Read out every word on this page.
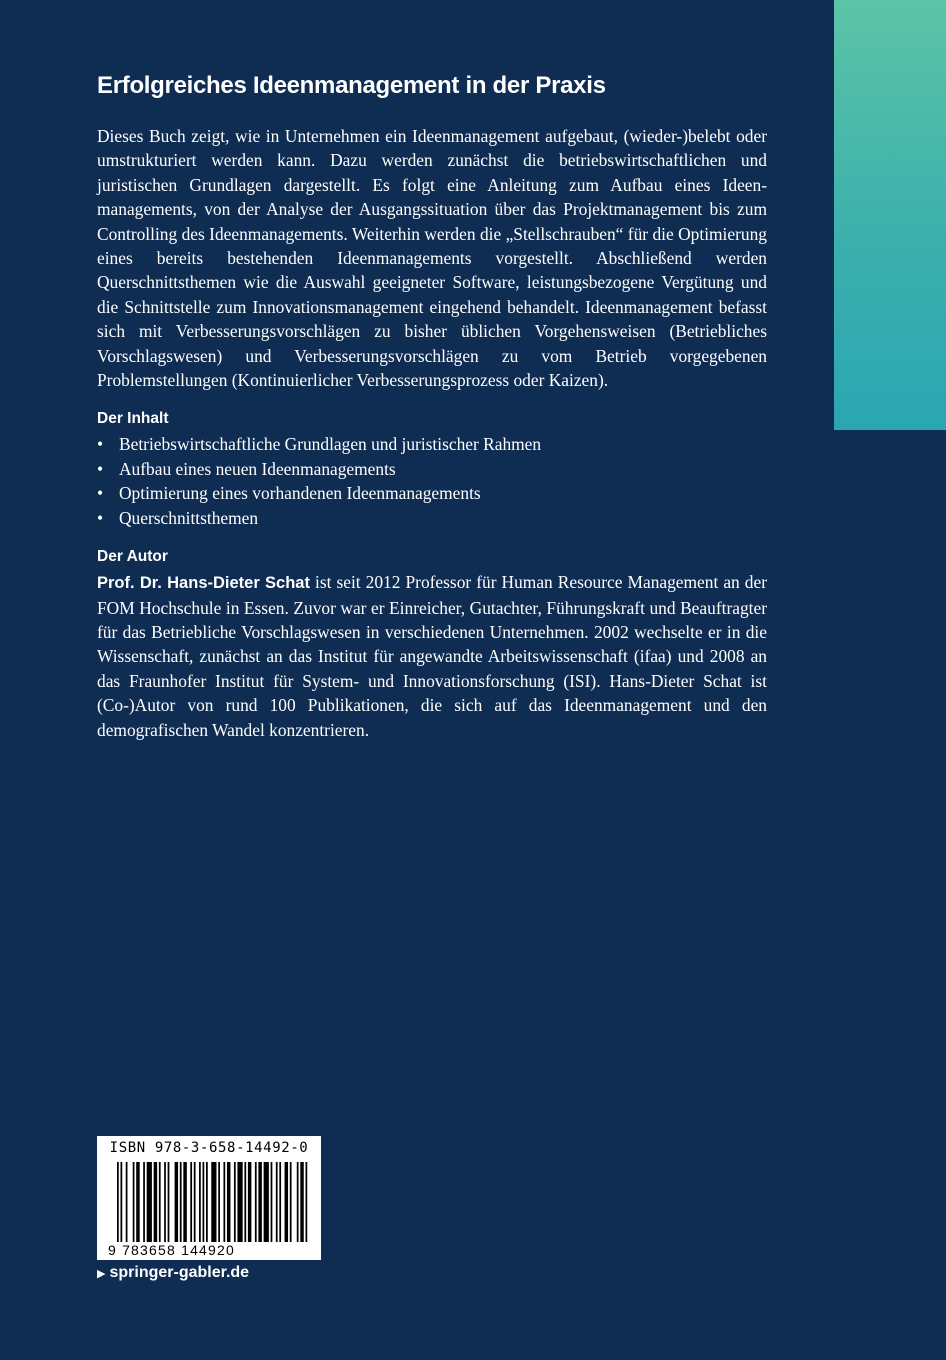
Erfolgreiches Ideenmanagement in der Praxis

Dieses Buch zeigt, wie in Unternehmen ein Ideenmanagement aufgebaut, (wieder-)belebt oder umstrukturiert werden kann. Dazu werden zunächst die betriebswirtschaftlichen und juristischen Grundlagen dargestellt. Es folgt eine Anleitung zum Aufbau eines Ideenmanagements, von der Analyse der Ausgangssituation über das Projektmanagement bis zum Controlling des Ideenmanagements. Weiterhin werden die „Stellschrauben“ für die Optimierung eines bereits bestehenden Ideenmanagements vorgestellt. Abschließend werden Querschnittsthemen wie die Auswahl geeigneter Software, leistungsbezogene Vergütung und die Schnittstelle zum Innovationsmanagement eingehend behandelt. Ideenmanagement befasst sich mit Verbesserungsvorschlägen zu bisher üblichen Vorgehensweisen (Betriebliches Vorschlagswesen) und Verbesserungsvorschlägen zu vom Betrieb vorgegebenen Problemstellungen (Kontinuierlicher Verbesserungsprozess oder Kaizen).

Der Inhalt
• Betriebswirtschaftliche Grundlagen und juristischer Rahmen
• Aufbau eines neuen Ideenmanagements
• Optimierung eines vorhandenen Ideenmanagements
• Querschnittsthemen
Der Autor

Prof. Dr. Hans-Dieter Schat ist seit 2012 Professor für Human Resource Management an der FOM Hochschule in Essen. Zuvor war er Einreicher, Gutachter, Führungskraft und Beauftragter für das Betriebliche Vorschlagswesen in verschiedenen Unternehmen. 2002 wechselte er in die Wissenschaft, zunächst an das Institut für angewandte Arbeitswissenschaft (ifaa) und 2008 an das Fraunhofer Institut für System- und Innovationsforschung (ISI). Hans-Dieter Schat ist (Co-)Autor von rund 100 Publikationen, die sich auf das Ideenmanagement und den demografischen Wandel konzentrieren.

ISBN 978-3-658-14492-0
9 783658 144920
▶ springer-gabler.de
